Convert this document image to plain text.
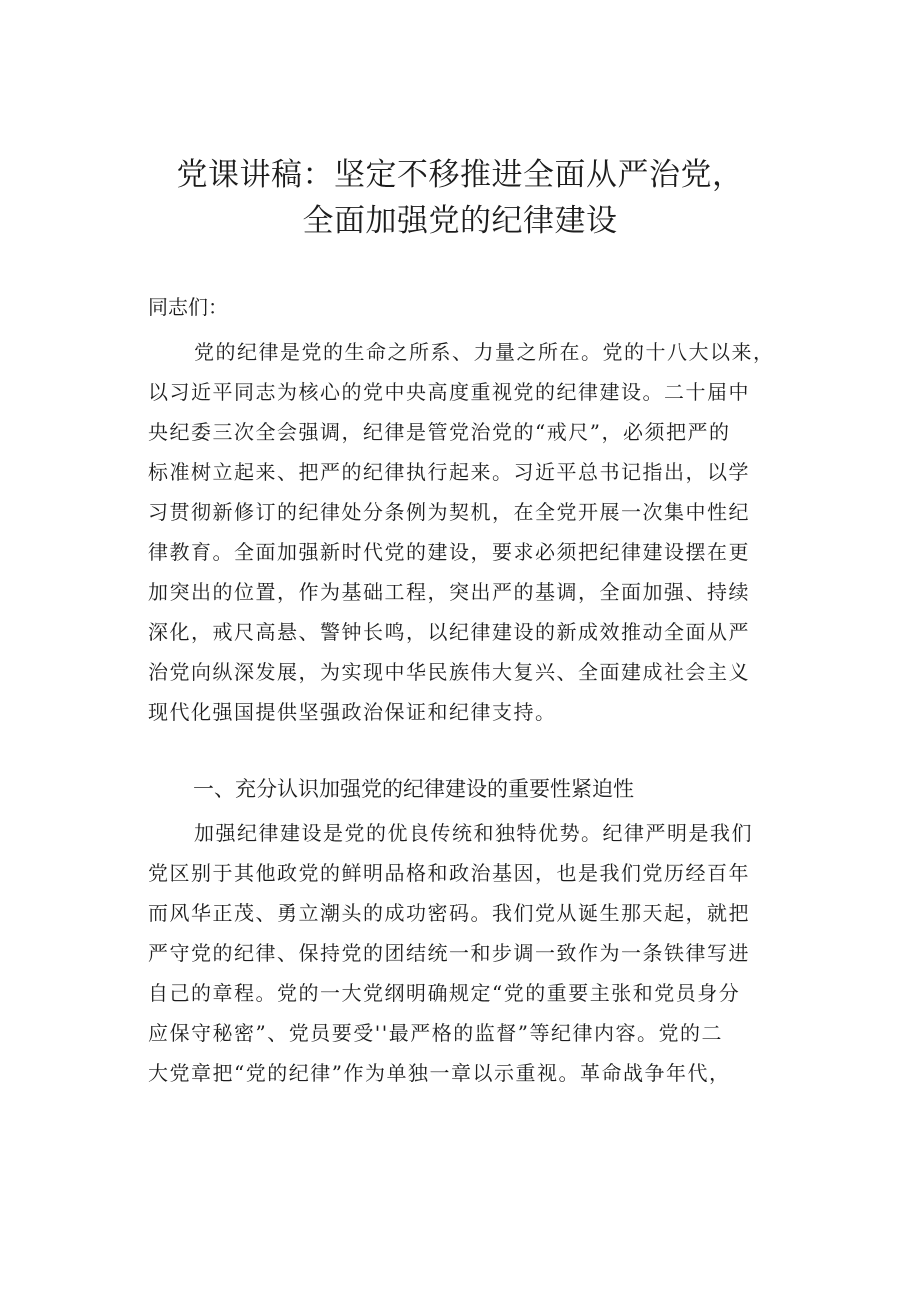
党课讲稿：坚定不移推进全面从严治党，
全面加强党的纪律建设
同志们：
党的纪律是党的生命之所系、力量之所在。党的十八大以来，
以习近平同志为核心的党中央高度重视党的纪律建设。二十届中
央纪委三次全会强调，纪律是管党治党的“戒尺”，必须把严的
标准树立起来、把严的纪律执行起来。习近平总书记指出，以学
习贯彻新修订的纪律处分条例为契机，在全党开展一次集中性纪
律教育。全面加强新时代党的建设，要求必须把纪律建设摆在更
加突出的位置，作为基础工程，突出严的基调，全面加强、持续
深化，戒尺高悬、警钟长鸣，以纪律建设的新成效推动全面从严
治党向纵深发展，为实现中华民族伟大复兴、全面建成社会主义
现代化强国提供坚强政治保证和纪律支持。
一、充分认识加强党的纪律建设的重要性紧迫性
加强纪律建设是党的优良传统和独特优势。纪律严明是我们
党区别于其他政党的鲜明品格和政治基因，也是我们党历经百年
而风华正茂、勇立潮头的成功密码。我们党从诞生那天起，就把
严守党的纪律、保持党的团结统一和步调一致作为一条铁律写进
自己的章程。党的一大党纲明确规定“党的重要主张和党员身分
应保守秘密”、党员要受''最严格的监督”等纪律内容。党的二
大党章把“党的纪律”作为单独一章以示重视。革命战争年代，
